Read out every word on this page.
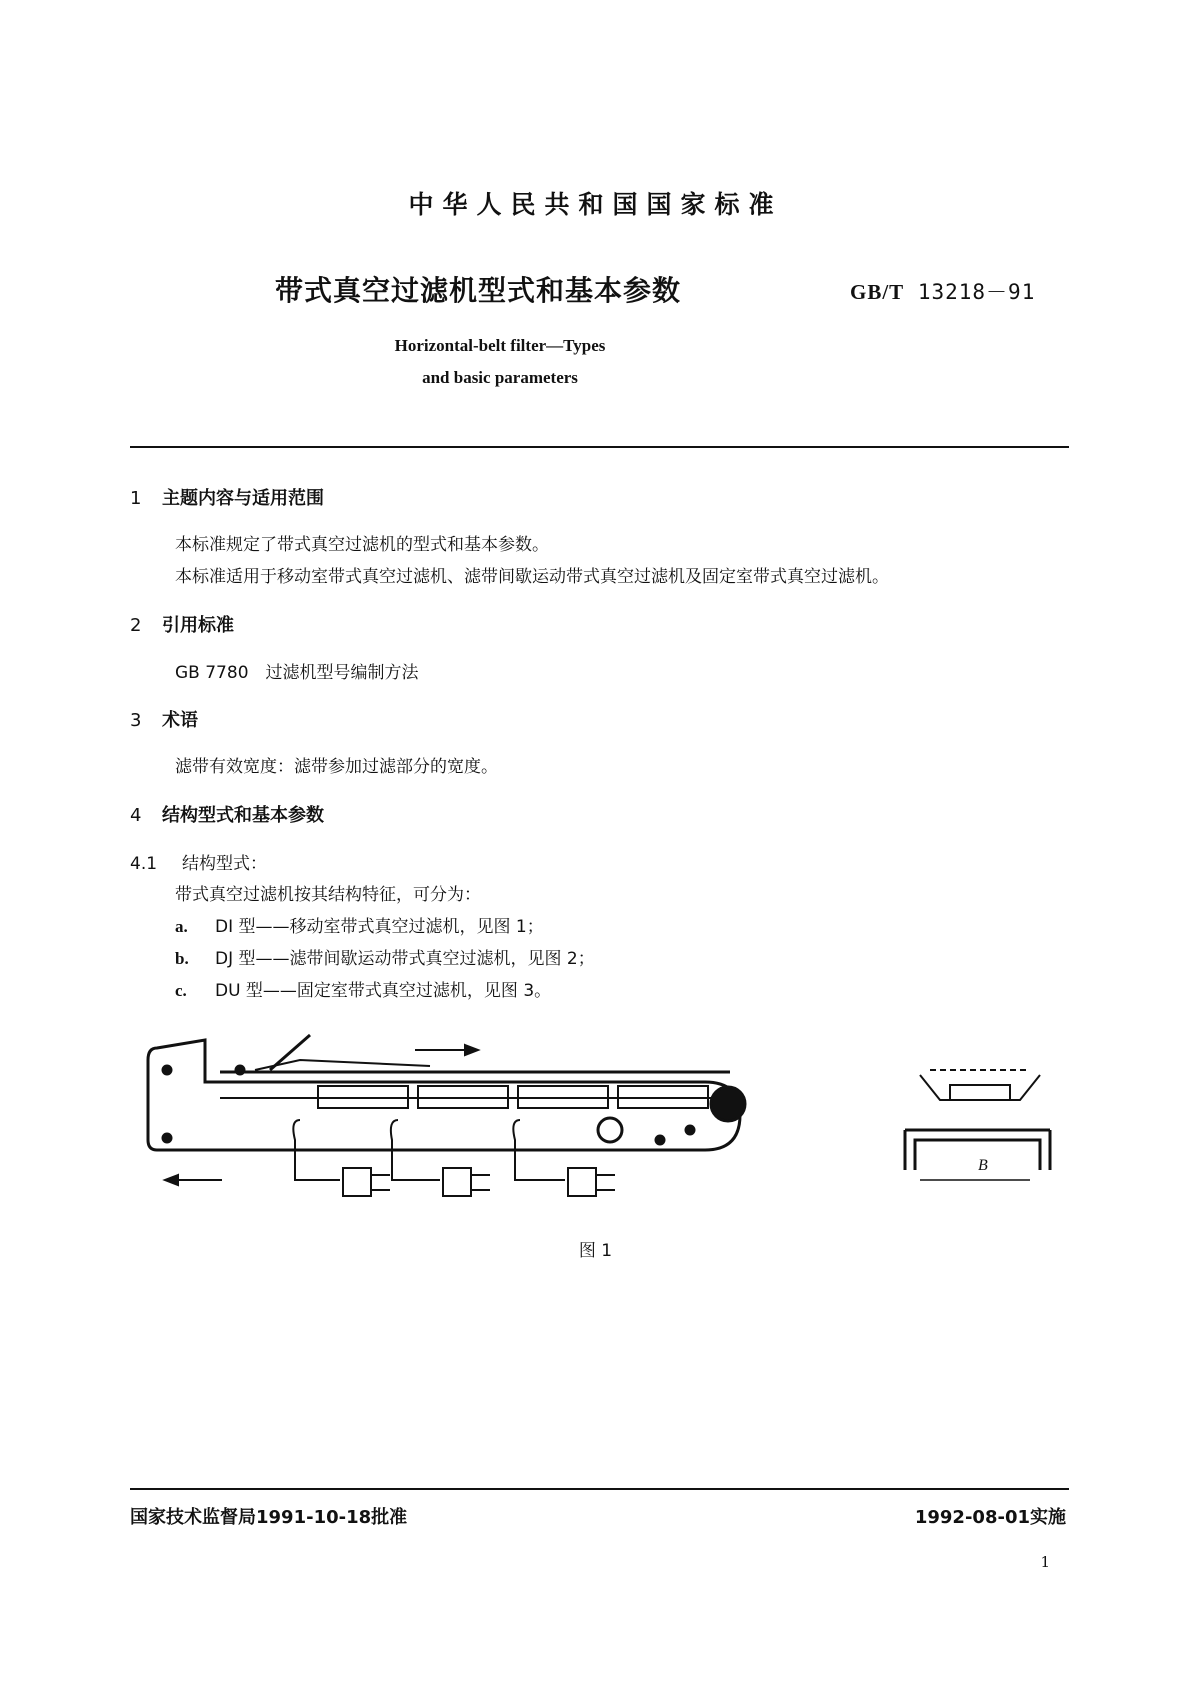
中华人民共和国国家标准
带式真空过滤机型式和基本参数	GB/T 13218－91
Horizontal-belt filter—Types
and basic parameters
1 主题内容与适用范围
本标准规定了带式真空过滤机的型式和基本参数。
本标准适用于移动室带式真空过滤机、滤带间歇运动带式真空过滤机及固定室带式真空过滤机。
2 引用标准
GB 7780　过滤机型号编制方法
3 术语
滤带有效宽度：滤带参加过滤部分的宽度。
4 结构型式和基本参数
4.1 结构型式：
带式真空过滤机按其结构特征，可分为：
a. DI 型——移动室带式真空过滤机，见图 1；
b. DJ 型——滤带间歇运动带式真空过滤机，见图 2；
c. DU 型——固定室带式真空过滤机，见图 3。
B
图 1
国家技术监督局1991-10-18批准	1992-08-01实施
1
